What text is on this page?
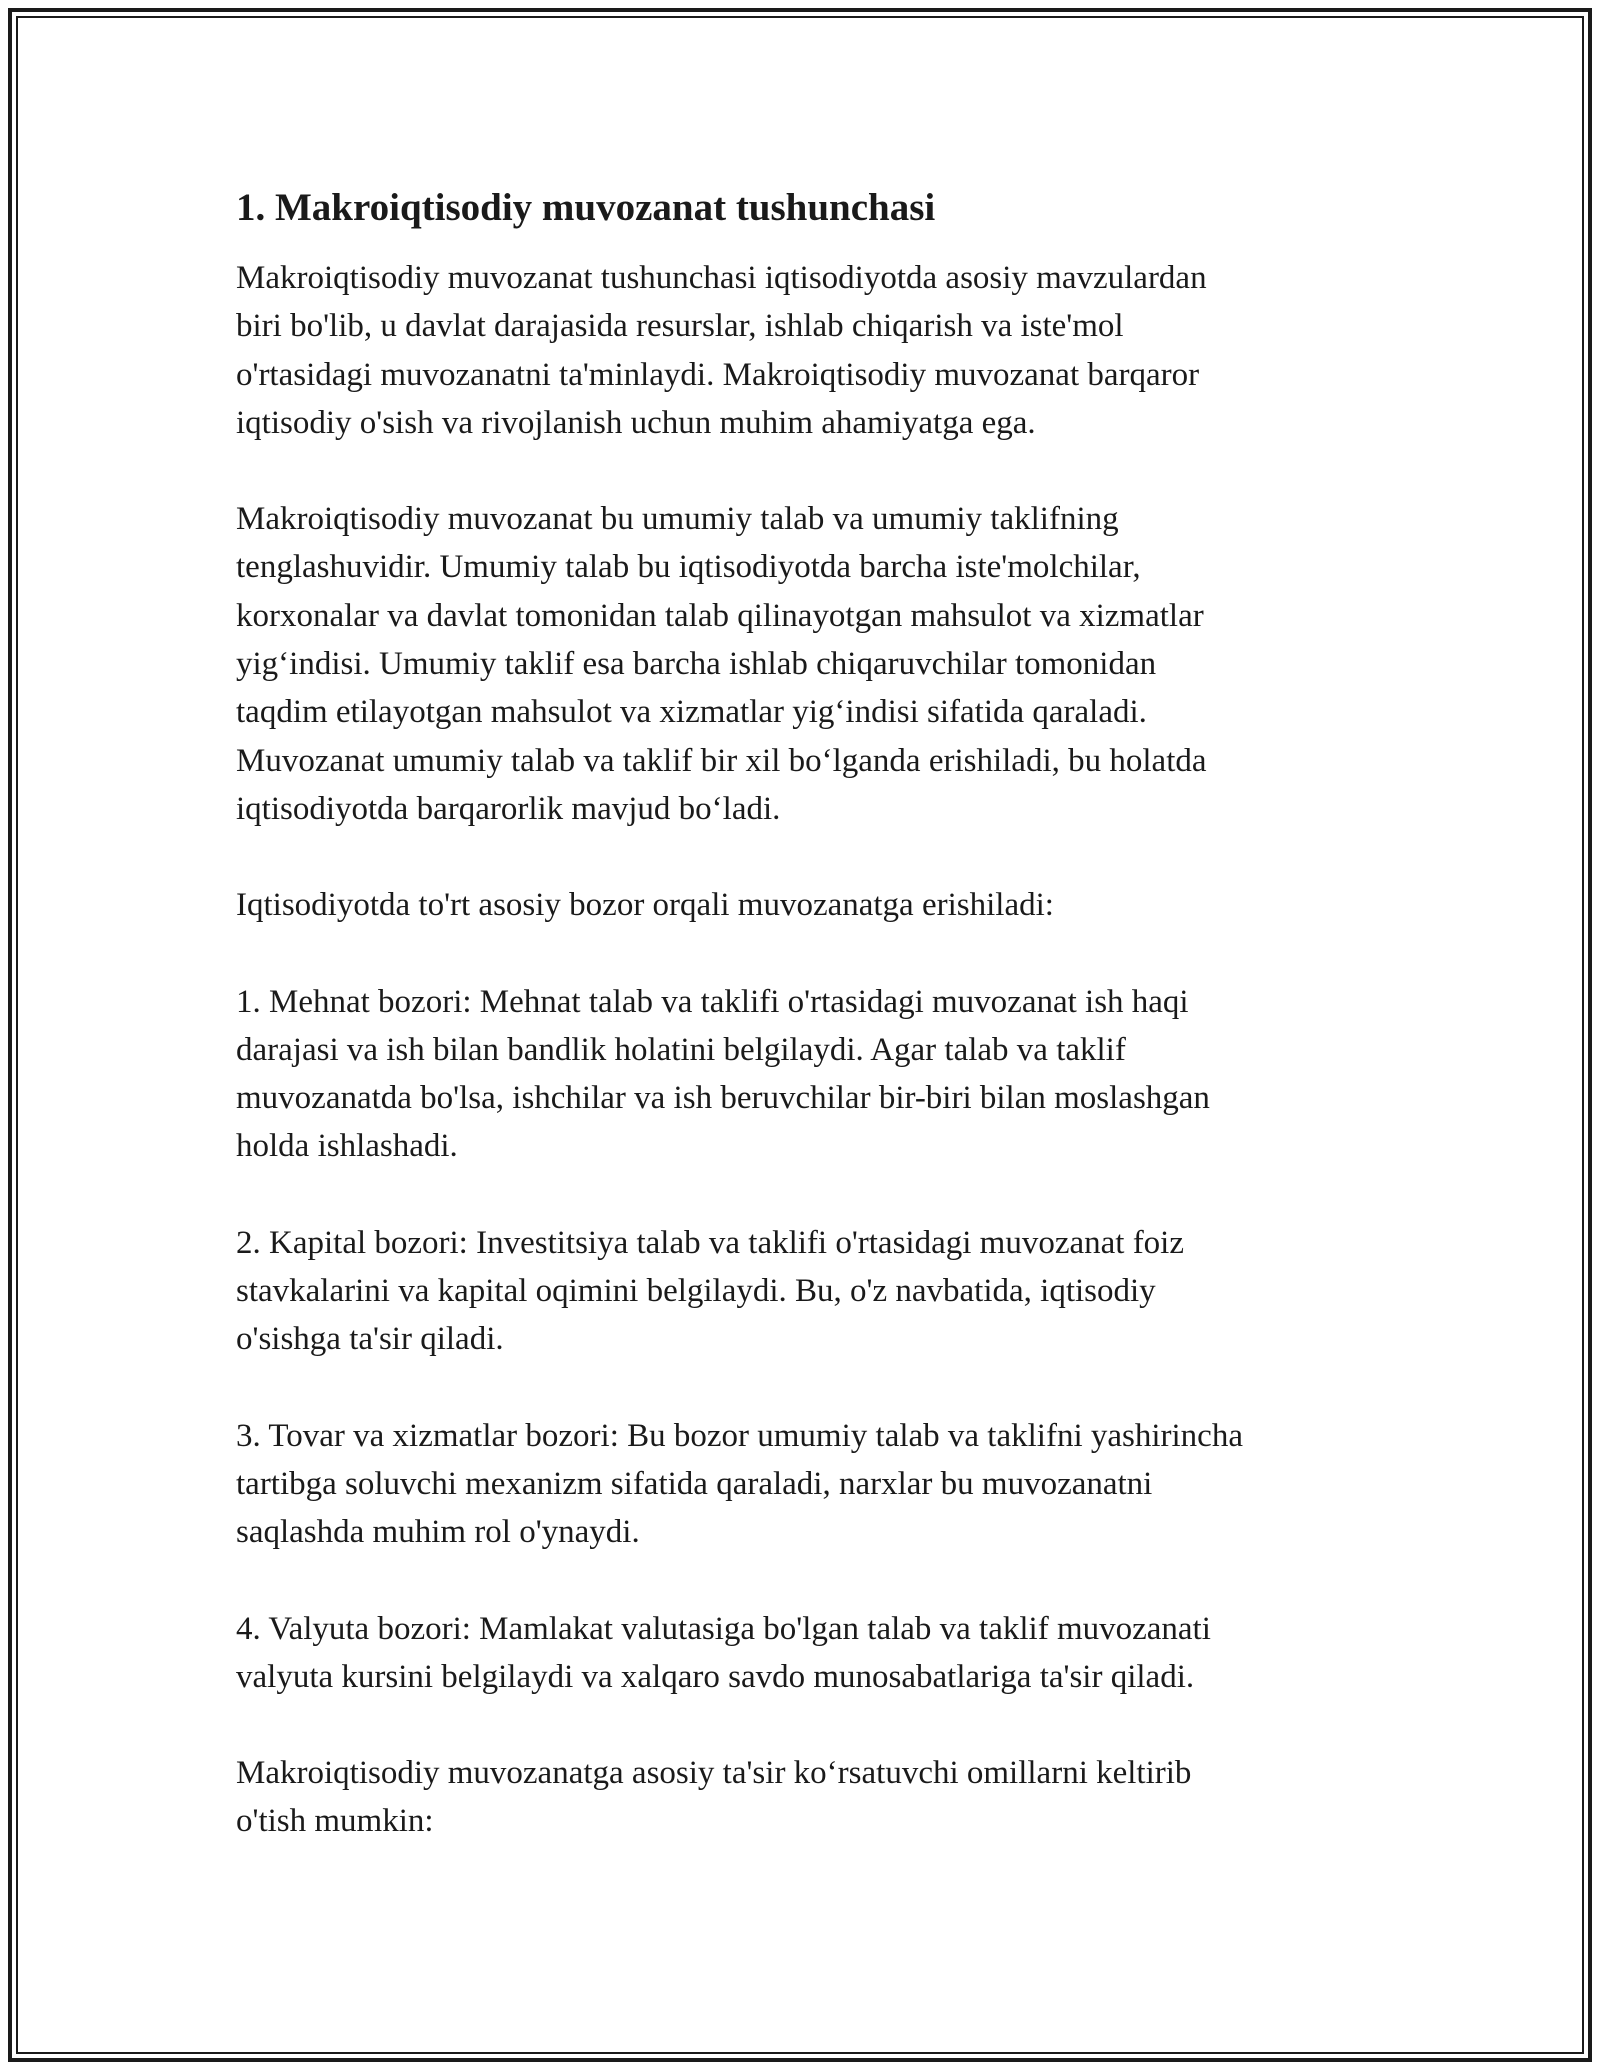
1. Makroiqtisodiy muvozanat tushunchasi

Makroiqtisodiy muvozanat tushunchasi iqtisodiyotda asosiy mavzulardan
biri bo'lib, u davlat darajasida resurslar, ishlab chiqarish va iste'mol
o'rtasidagi muvozanatni ta'minlaydi. Makroiqtisodiy muvozanat barqaror
iqtisodiy o'sish va rivojlanish uchun muhim ahamiyatga ega.

Makroiqtisodiy muvozanat bu umumiy talab va umumiy taklifning
tenglashuvidir. Umumiy talab bu iqtisodiyotda barcha iste'molchilar,
korxonalar va davlat tomonidan talab qilinayotgan mahsulot va xizmatlar
yig‘indisi. Umumiy taklif esa barcha ishlab chiqaruvchilar tomonidan
taqdim etilayotgan mahsulot va xizmatlar yig‘indisi sifatida qaraladi.
Muvozanat umumiy talab va taklif bir xil bo‘lganda erishiladi, bu holatda
iqtisodiyotda barqarorlik mavjud bo‘ladi.

Iqtisodiyotda to'rt asosiy bozor orqali muvozanatga erishiladi:

1. Mehnat bozori: Mehnat talab va taklifi o'rtasidagi muvozanat ish haqi
darajasi va ish bilan bandlik holatini belgilaydi. Agar talab va taklif
muvozanatda bo'lsa, ishchilar va ish beruvchilar bir-biri bilan moslashgan
holda ishlashadi.

2. Kapital bozori: Investitsiya talab va taklifi o'rtasidagi muvozanat foiz
stavkalarini va kapital oqimini belgilaydi. Bu, o'z navbatida, iqtisodiy
o'sishga ta'sir qiladi.

3. Tovar va xizmatlar bozori: Bu bozor umumiy talab va taklifni yashirincha
tartibga soluvchi mexanizm sifatida qaraladi, narxlar bu muvozanatni
saqlashda muhim rol o'ynaydi.

4. Valyuta bozori: Mamlakat valutasiga bo'lgan talab va taklif muvozanati
valyuta kursini belgilaydi va xalqaro savdo munosabatlariga ta'sir qiladi.

Makroiqtisodiy muvozanatga asosiy ta'sir ko‘rsatuvchi omillarni keltirib
o'tish mumkin:
